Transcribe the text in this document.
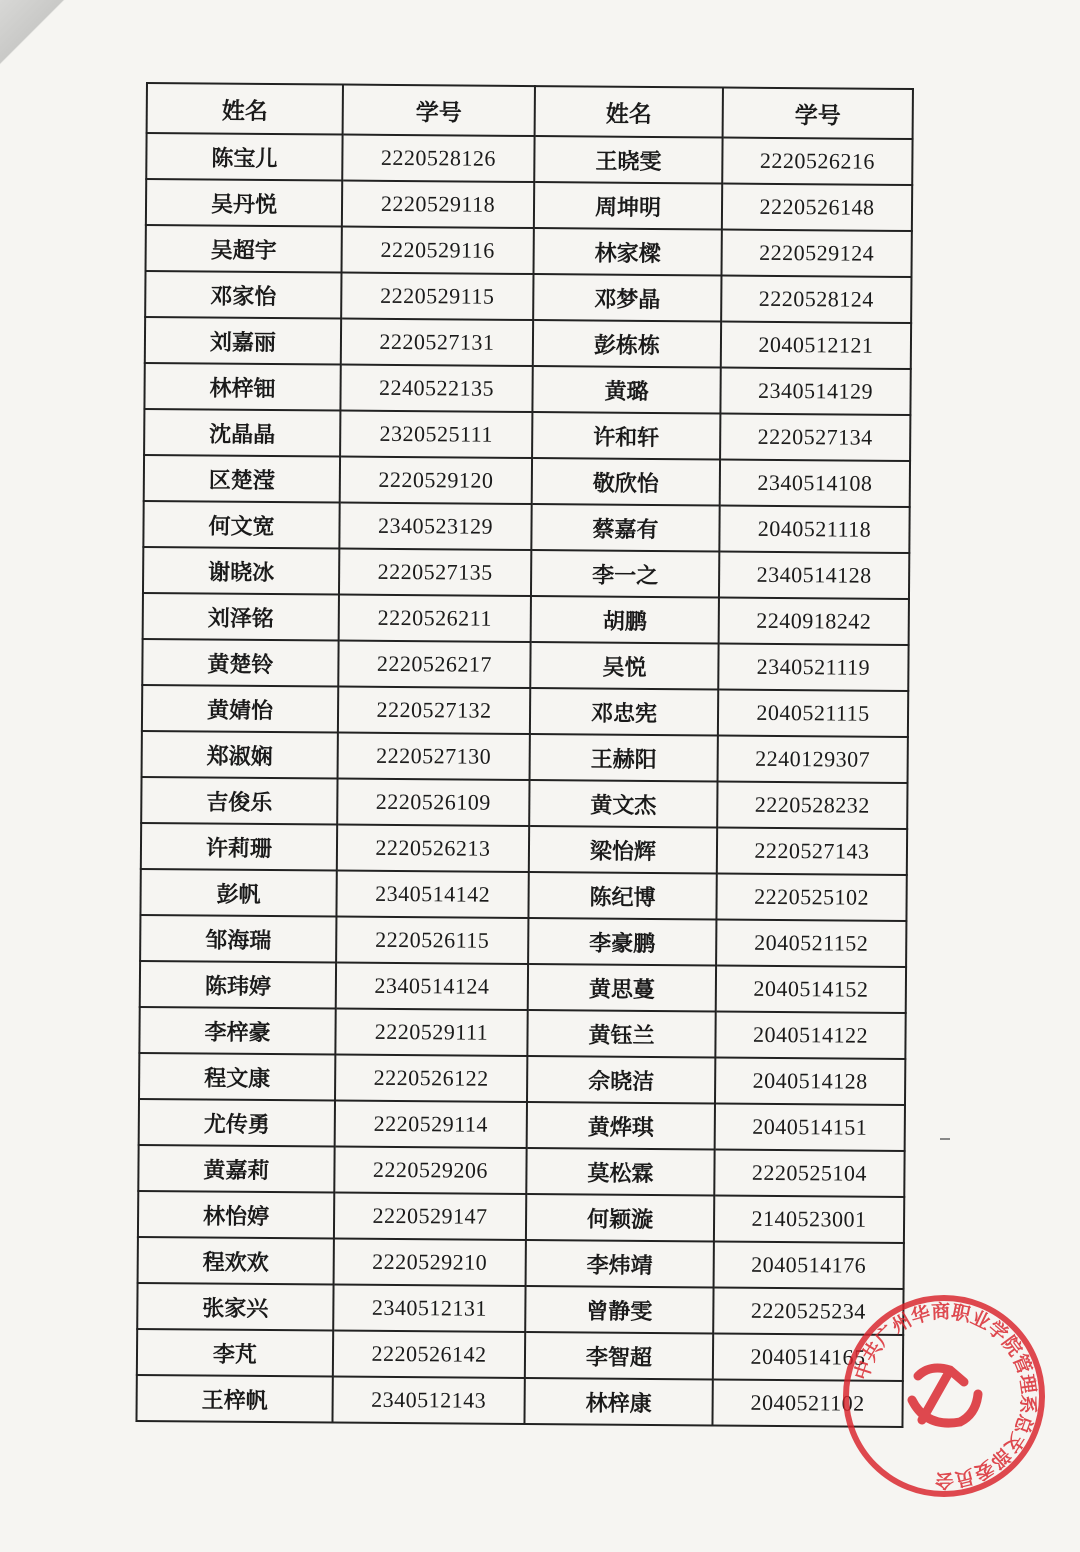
姓名	学号	姓名	学号
陈宝儿	2220528126	王晓雯	2220526216
吴丹悦	2220529118	周坤明	2220526148
吴超宇	2220529116	林家樑	2220529124
邓家怡	2220529115	邓梦晶	2220528124
刘嘉丽	2220527131	彭栋栋	2040512121
林梓钿	2240522135	黄璐	2340514129
沈晶晶	2320525111	许和轩	2220527134
区楚滢	2220529120	敬欣怡	2340514108
何文宽	2340523129	蔡嘉有	2040521118
谢晓冰	2220527135	李一之	2340514128
刘泽铭	2220526211	胡鹏	2240918242
黄楚铃	2220526217	吴悦	2340521119
黄婧怡	2220527132	邓忠宪	2040521115
郑淑娴	2220527130	王赫阳	2240129307
吉俊乐	2220526109	黄文杰	2220528232
许莉珊	2220526213	梁怡辉	2220527143
彭帆	2340514142	陈纪博	2220525102
邹海瑞	2220526115	李豪鹏	2040521152
陈玮婷	2340514124	黄思蔓	2040514152
李梓豪	2220529111	黄钰兰	2040514122
程文康	2220526122	佘晓洁	2040514128
尤传勇	2220529114	黄烨琪	2040514151
黄嘉莉	2220529206	莫松霖	2220525104
林怡婷	2220529147	何颖漩	2140523001
程欢欢	2220529210	李炜靖	2040514176
张家兴	2340512131	曾静雯	2220525234
李芃	2220526142	李智超	2040514165
王梓帆	2340512143	林梓康	2040521102
中共广州华商职业学院管理系总支部委员会
